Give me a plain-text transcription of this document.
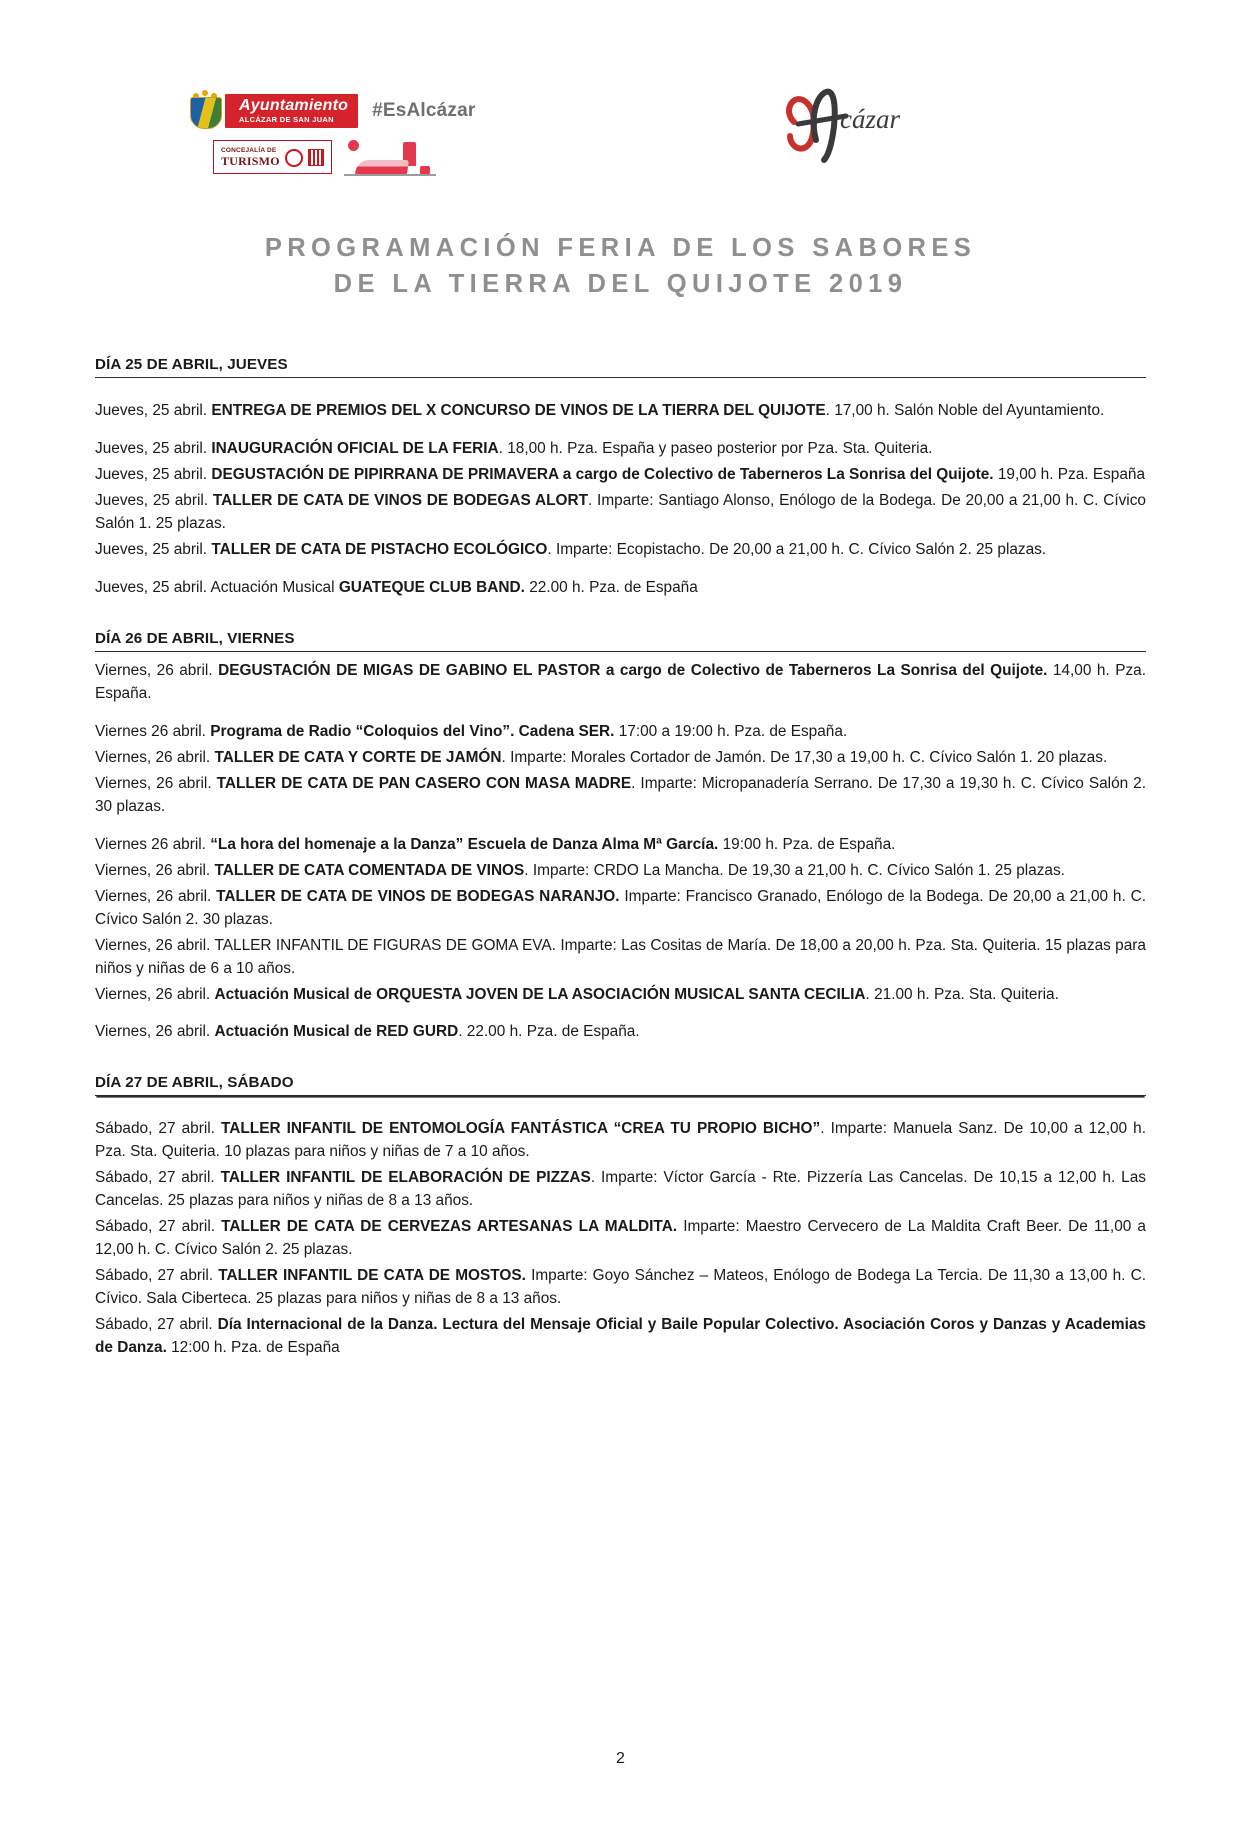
Ayuntamiento
ALCÁZAR DE SAN JUAN	#EsAlcázar
CONCEJALÍA DE
TURISMO
cázar
PROGRAMACIÓN FERIA DE LOS SABORES
DE LA TIERRA DEL QUIJOTE 2019
DÍA 25 DE ABRIL, JUEVES

Jueves, 25 abril. ENTREGA DE PREMIOS DEL X CONCURSO DE VINOS DE LA TIERRA DEL QUIJOTE. 17,00 h. Salón Noble del Ayuntamiento.

Jueves, 25 abril. INAUGURACIÓN OFICIAL DE LA FERIA. 18,00 h. Pza. España y paseo posterior por Pza. Sta. Quiteria.

Jueves, 25 abril. DEGUSTACIÓN DE PIPIRRANA DE PRIMAVERA a cargo de Colectivo de Taberneros La Sonrisa del Quijote. 19,00 h. Pza. España

Jueves, 25 abril. TALLER DE CATA DE VINOS DE BODEGAS ALORT. Imparte: Santiago Alonso, Enólogo de la Bodega. De 20,00 a 21,00 h. C. Cívico Salón 1. 25 plazas.

Jueves, 25 abril. TALLER DE CATA DE PISTACHO ECOLÓGICO. Imparte: Ecopistacho. De 20,00 a 21,00 h. C. Cívico Salón 2. 25 plazas.

Jueves, 25 abril. Actuación Musical GUATEQUE CLUB BAND. 22.00 h. Pza. de España

DÍA 26 DE ABRIL, VIERNES

Viernes, 26 abril. DEGUSTACIÓN DE MIGAS DE GABINO EL PASTOR a cargo de Colectivo de Taberneros La Sonrisa del Quijote. 14,00 h. Pza. España.

Viernes 26 abril. Programa de Radio “Coloquios del Vino”. Cadena SER. 17:00 a 19:00 h. Pza. de España.

Viernes, 26 abril. TALLER DE CATA Y CORTE DE JAMÓN. Imparte: Morales Cortador de Jamón. De 17,30 a 19,00 h. C. Cívico Salón 1. 20 plazas.

Viernes, 26 abril. TALLER DE CATA DE PAN CASERO CON MASA MADRE. Imparte: Micropanadería Serrano. De 17,30 a 19,30 h. C. Cívico Salón 2. 30 plazas.

Viernes 26 abril. “La hora del homenaje a la Danza” Escuela de Danza Alma Mª García. 19:00 h. Pza. de España.

Viernes, 26 abril. TALLER DE CATA COMENTADA DE VINOS. Imparte: CRDO La Mancha. De 19,30 a 21,00 h. C. Cívico Salón 1. 25 plazas.

Viernes, 26 abril. TALLER DE CATA DE VINOS DE BODEGAS NARANJO. Imparte: Francisco Granado, Enólogo de la Bodega. De 20,00 a 21,00 h. C. Cívico Salón 2. 30 plazas.

Viernes, 26 abril. TALLER INFANTIL DE FIGURAS DE GOMA EVA. Imparte: Las Cositas de María. De 18,00 a 20,00 h. Pza. Sta. Quiteria. 15 plazas para niños y niñas de 6 a 10 años.

Viernes, 26 abril. Actuación Musical de ORQUESTA JOVEN DE LA ASOCIACIÓN MUSICAL SANTA CECILIA. 21.00 h. Pza. Sta. Quiteria.

Viernes, 26 abril. Actuación Musical de RED GURD. 22.00 h. Pza. de España.

DÍA 27 DE ABRIL, SÁBADO

Sábado, 27 abril. TALLER INFANTIL DE ENTOMOLOGÍA FANTÁSTICA “CREA TU PROPIO BICHO”. Imparte: Manuela Sanz. De 10,00 a 12,00 h. Pza. Sta. Quiteria. 10 plazas para niños y niñas de 7 a 10 años.

Sábado, 27 abril. TALLER INFANTIL DE ELABORACIÓN DE PIZZAS. Imparte: Víctor García - Rte. Pizzería Las Cancelas. De 10,15 a 12,00 h. Las Cancelas. 25 plazas para niños y niñas de 8 a 13 años.

Sábado, 27 abril. TALLER DE CATA DE CERVEZAS ARTESANAS LA MALDITA. Imparte: Maestro Cervecero de La Maldita Craft Beer. De 11,00 a 12,00 h. C. Cívico Salón 2. 25 plazas.

Sábado, 27 abril. TALLER INFANTIL DE CATA DE MOSTOS. Imparte: Goyo Sánchez – Mateos, Enólogo de Bodega La Tercia. De 11,30 a 13,00 h. C. Cívico. Sala Ciberteca. 25 plazas para niños y niñas de 8 a 13 años.

Sábado, 27 abril. Día Internacional de la Danza. Lectura del Mensaje Oficial y Baile Popular Colectivo. Asociación Coros y Danzas y Academias de Danza. 12:00 h. Pza. de España

2
